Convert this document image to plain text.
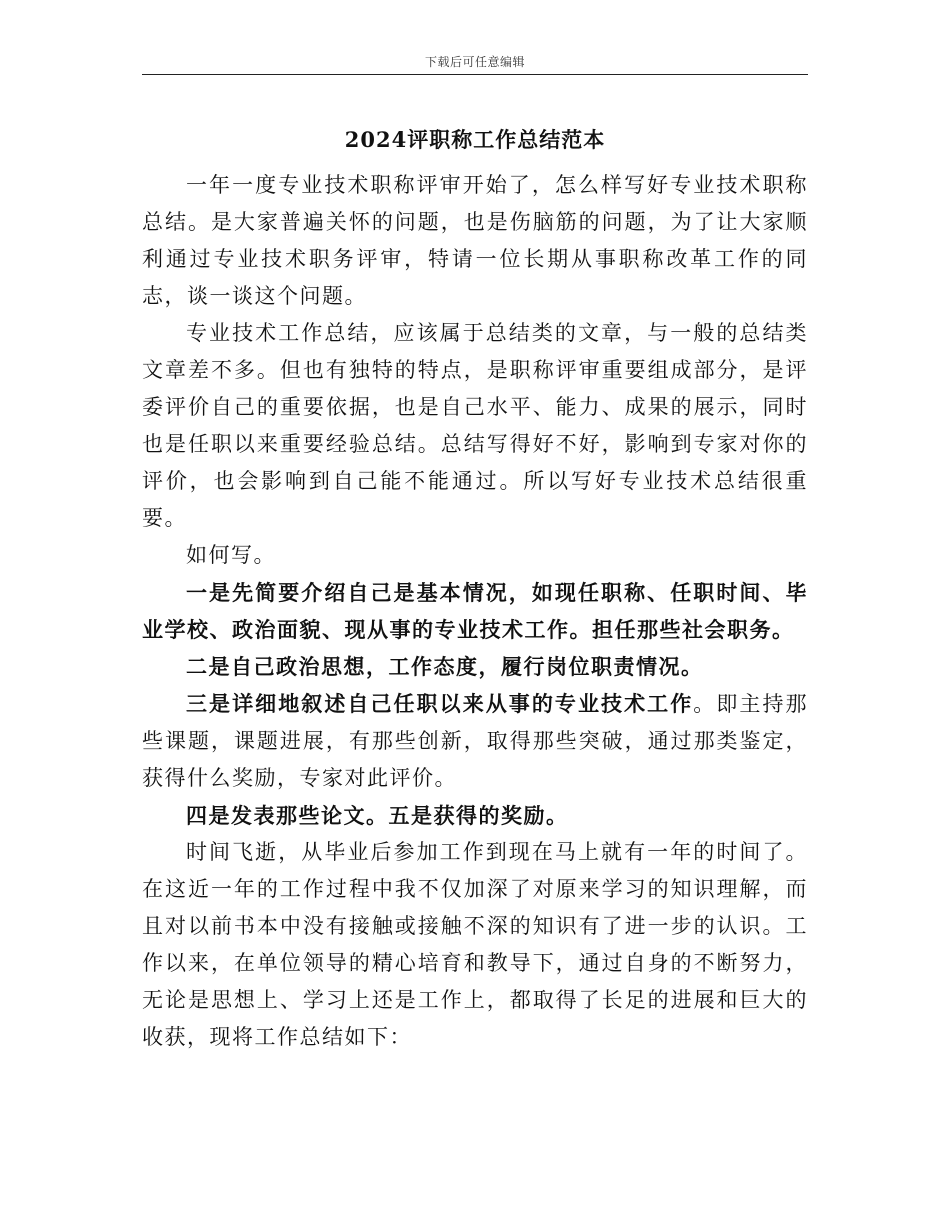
下载后可任意编辑
2024评职称工作总结范本

一年一度专业技术职称评审开始了，怎么样写好专业技术职称总结。是大家普遍关怀的问题，也是伤脑筋的问题，为了让大家顺利通过专业技术职务评审，特请一位长期从事职称改革工作的同志，谈一谈这个问题。

专业技术工作总结，应该属于总结类的文章，与一般的总结类文章差不多。但也有独特的特点，是职称评审重要组成部分，是评委评价自己的重要依据，也是自己水平、能力、成果的展示，同时也是任职以来重要经验总结。总结写得好不好，影响到专家对你的评价，也会影响到自己能不能通过。所以写好专业技术总结很重要。

如何写。

一是先简要介绍自己是基本情况，如现任职称、任职时间、毕业学校、政治面貌、现从事的专业技术工作。担任那些社会职务。

二是自己政治思想，工作态度，履行岗位职责情况。

三是详细地叙述自己任职以来从事的专业技术工作。即主持那些课题，课题进展，有那些创新，取得那些突破，通过那类鉴定，获得什么奖励，专家对此评价。

四是发表那些论文。五是获得的奖励。

时间飞逝，从毕业后参加工作到现在马上就有一年的时间了。在这近一年的工作过程中我不仅加深了对原来学习的知识理解，而且对以前书本中没有接触或接触不深的知识有了进一步的认识。工作以来，在单位领导的精心培育和教导下，通过自身的不断努力，无论是思想上、学习上还是工作上，都取得了长足的进展和巨大的收获，现将工作总结如下：
